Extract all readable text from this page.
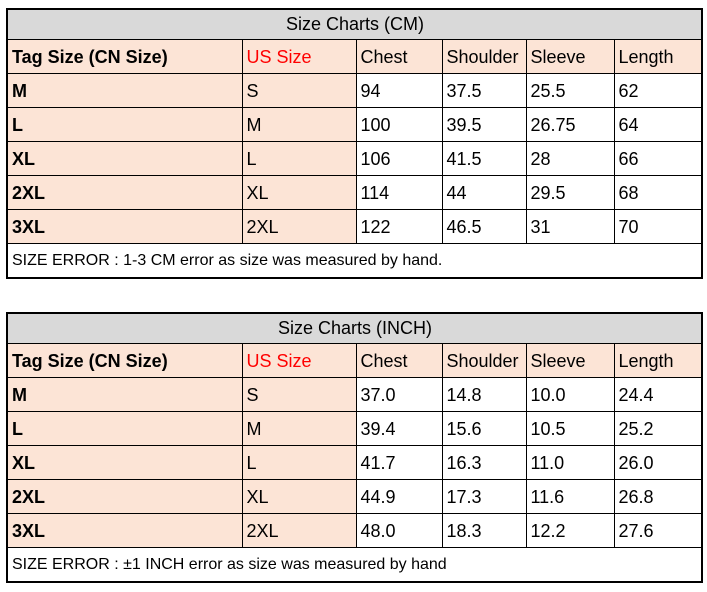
Size Charts (CM)					
Tag Size (CN Size)	US Size	Chest	Shoulder	Sleeve	Length
M	S	94	37.5	25.5	62
L	M	100	39.5	26.75	64
XL	L	106	41.5	28	66
2XL	XL	114	44	29.5	68
3XL	2XL	122	46.5	31	70
SIZE ERROR : 1-3 CM error as size was measured by hand.					
Size Charts (INCH)					
Tag Size (CN Size)	US Size	Chest	Shoulder	Sleeve	Length
M	S	37.0	14.8	10.0	24.4
L	M	39.4	15.6	10.5	25.2
XL	L	41.7	16.3	11.0	26.0
2XL	XL	44.9	17.3	11.6	26.8
3XL	2XL	48.0	18.3	12.2	27.6
SIZE ERROR : ±1 INCH error as size was measured by hand					
